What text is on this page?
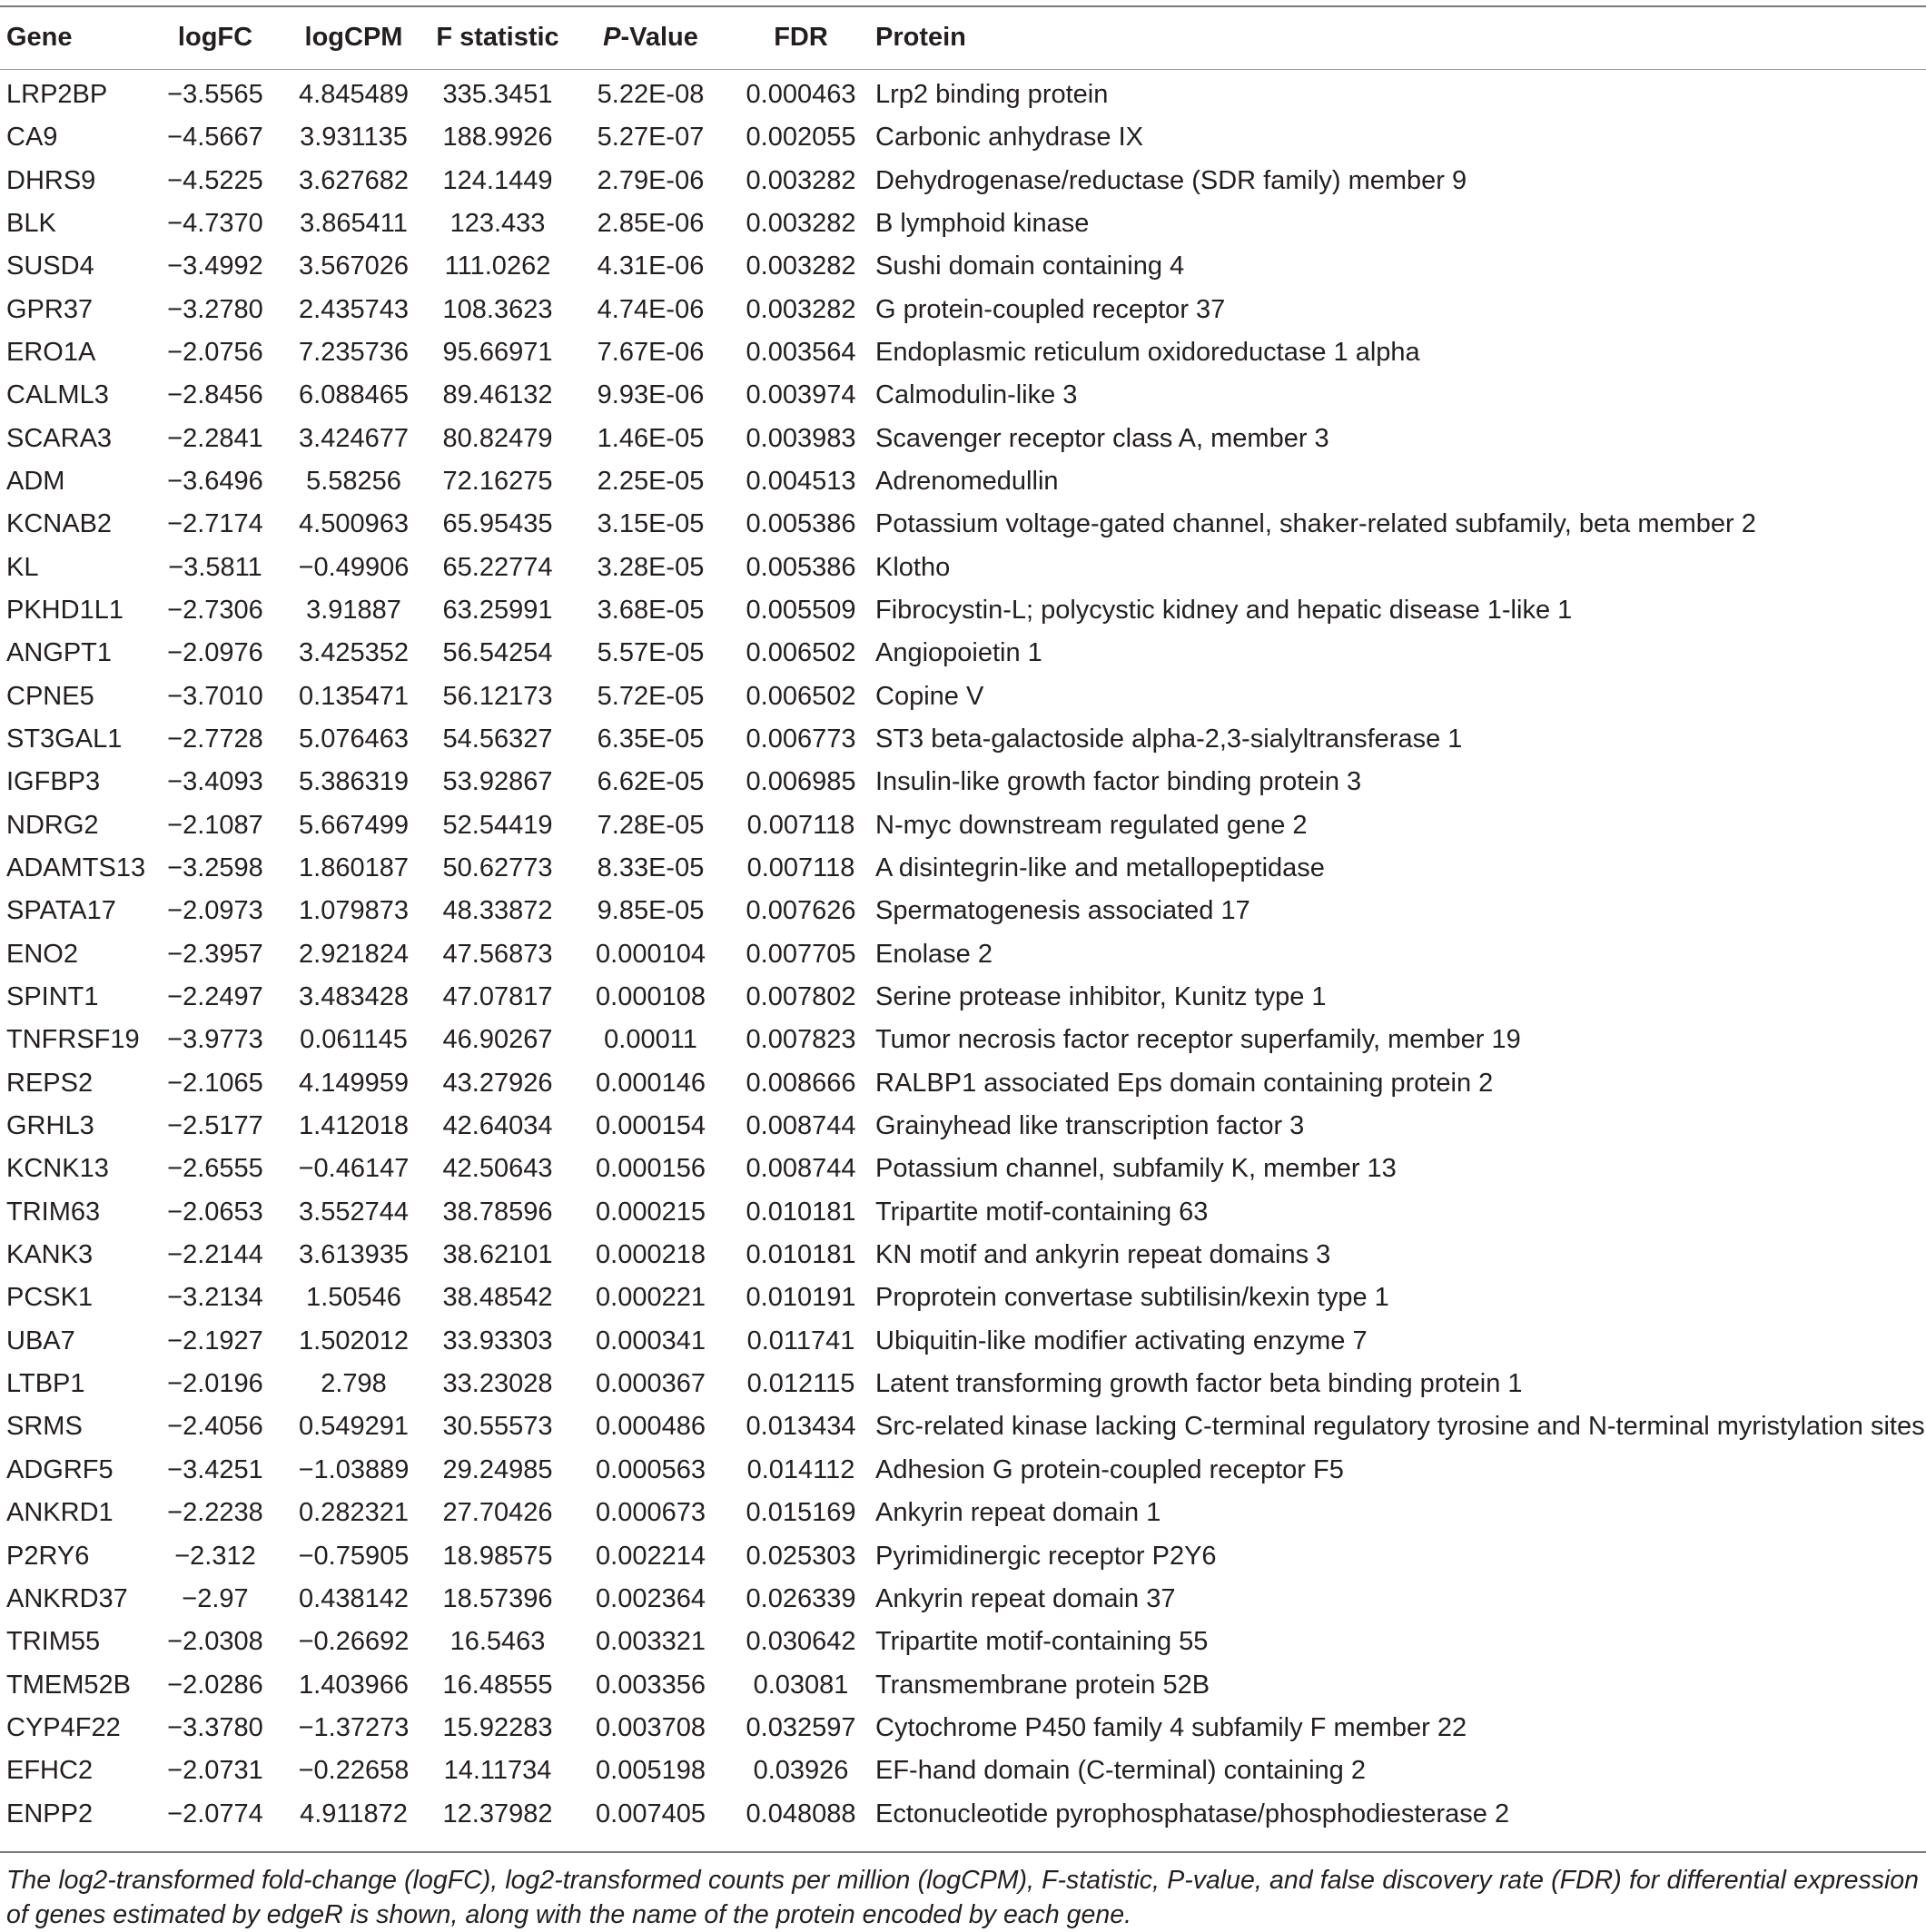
Gene	logFC	logCPM	F statistic	P-Value	FDR	Protein
LRP2BP	−3.5565	4.845489	335.3451	5.22E-08	0.000463	Lrp2 binding protein
CA9	−4.5667	3.931135	188.9926	5.27E-07	0.002055	Carbonic anhydrase IX
DHRS9	−4.5225	3.627682	124.1449	2.79E-06	0.003282	Dehydrogenase/reductase (SDR family) member 9
BLK	−4.7370	3.865411	123.433	2.85E-06	0.003282	B lymphoid kinase
SUSD4	−3.4992	3.567026	111.0262	4.31E-06	0.003282	Sushi domain containing 4
GPR37	−3.2780	2.435743	108.3623	4.74E-06	0.003282	G protein-coupled receptor 37
ERO1A	−2.0756	7.235736	95.66971	7.67E-06	0.003564	Endoplasmic reticulum oxidoreductase 1 alpha
CALML3	−2.8456	6.088465	89.46132	9.93E-06	0.003974	Calmodulin-like 3
SCARA3	−2.2841	3.424677	80.82479	1.46E-05	0.003983	Scavenger receptor class A, member 3
ADM	−3.6496	5.58256	72.16275	2.25E-05	0.004513	Adrenomedullin
KCNAB2	−2.7174	4.500963	65.95435	3.15E-05	0.005386	Potassium voltage-gated channel, shaker-related subfamily, beta member 2
KL	−3.5811	−0.49906	65.22774	3.28E-05	0.005386	Klotho
PKHD1L1	−2.7306	3.91887	63.25991	3.68E-05	0.005509	Fibrocystin-L; polycystic kidney and hepatic disease 1-like 1
ANGPT1	−2.0976	3.425352	56.54254	5.57E-05	0.006502	Angiopoietin 1
CPNE5	−3.7010	0.135471	56.12173	5.72E-05	0.006502	Copine V
ST3GAL1	−2.7728	5.076463	54.56327	6.35E-05	0.006773	ST3 beta-galactoside alpha-2,3-sialyltransferase 1
IGFBP3	−3.4093	5.386319	53.92867	6.62E-05	0.006985	Insulin-like growth factor binding protein 3
NDRG2	−2.1087	5.667499	52.54419	7.28E-05	0.007118	N-myc downstream regulated gene 2
ADAMTS13	−3.2598	1.860187	50.62773	8.33E-05	0.007118	A disintegrin-like and metallopeptidase
SPATA17	−2.0973	1.079873	48.33872	9.85E-05	0.007626	Spermatogenesis associated 17
ENO2	−2.3957	2.921824	47.56873	0.000104	0.007705	Enolase 2
SPINT1	−2.2497	3.483428	47.07817	0.000108	0.007802	Serine protease inhibitor, Kunitz type 1
TNFRSF19	−3.9773	0.061145	46.90267	0.00011	0.007823	Tumor necrosis factor receptor superfamily, member 19
REPS2	−2.1065	4.149959	43.27926	0.000146	0.008666	RALBP1 associated Eps domain containing protein 2
GRHL3	−2.5177	1.412018	42.64034	0.000154	0.008744	Grainyhead like transcription factor 3
KCNK13	−2.6555	−0.46147	42.50643	0.000156	0.008744	Potassium channel, subfamily K, member 13
TRIM63	−2.0653	3.552744	38.78596	0.000215	0.010181	Tripartite motif-containing 63
KANK3	−2.2144	3.613935	38.62101	0.000218	0.010181	KN motif and ankyrin repeat domains 3
PCSK1	−3.2134	1.50546	38.48542	0.000221	0.010191	Proprotein convertase subtilisin/kexin type 1
UBA7	−2.1927	1.502012	33.93303	0.000341	0.011741	Ubiquitin-like modifier activating enzyme 7
LTBP1	−2.0196	2.798	33.23028	0.000367	0.012115	Latent transforming growth factor beta binding protein 1
SRMS	−2.4056	0.549291	30.55573	0.000486	0.013434	Src-related kinase lacking C-terminal regulatory tyrosine and N-terminal myristylation sites
ADGRF5	−3.4251	−1.03889	29.24985	0.000563	0.014112	Adhesion G protein-coupled receptor F5
ANKRD1	−2.2238	0.282321	27.70426	0.000673	0.015169	Ankyrin repeat domain 1
P2RY6	−2.312	−0.75905	18.98575	0.002214	0.025303	Pyrimidinergic receptor P2Y6
ANKRD37	−2.97	0.438142	18.57396	0.002364	0.026339	Ankyrin repeat domain 37
TRIM55	−2.0308	−0.26692	16.5463	0.003321	0.030642	Tripartite motif-containing 55
TMEM52B	−2.0286	1.403966	16.48555	0.003356	0.03081	Transmembrane protein 52B
CYP4F22	−3.3780	−1.37273	15.92283	0.003708	0.032597	Cytochrome P450 family 4 subfamily F member 22
EFHC2	−2.0731	−0.22658	14.11734	0.005198	0.03926	EF-hand domain (C-terminal) containing 2
ENPP2	−2.0774	4.911872	12.37982	0.007405	0.048088	Ectonucleotide pyrophosphatase/phosphodiesterase 2
The log2-transformed fold-change (logFC), log2-transformed counts per million (logCPM), F-statistic, P-value, and false discovery rate (FDR) for differential expression of genes estimated by edgeR is shown, along with the name of the protein encoded by each gene.
